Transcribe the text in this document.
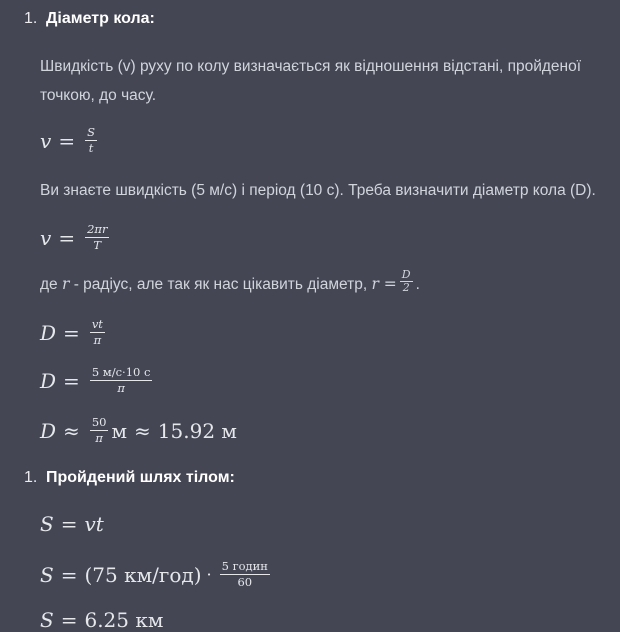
1. Діаметр кола:
Швидкість (v) руху по колу визначається як відношення відстані, пройденої точкою, до часу.
$v = \frac{S}{t}$
Ви знаєте швидкість (5 м/с) і період (10 с). Треба визначити діаметр кола (D).
$v = \frac{2\pi r}{T}$
де r - радіус, але так як нас цікавить діаметр, $r = \frac{D}{2}$ .
$D = \frac{vt}{\pi}$
$D = \frac{5 м/с\cdot 10 с}{\pi}$
$D \approx \frac{50}{\pi}$ м ≈ 15.92 м
1. Пройдений шлях тілом:
S = vt
S = (75 $км/год) \cdot \frac{\text{5 годин}}{60}$
S = 6.25 км
